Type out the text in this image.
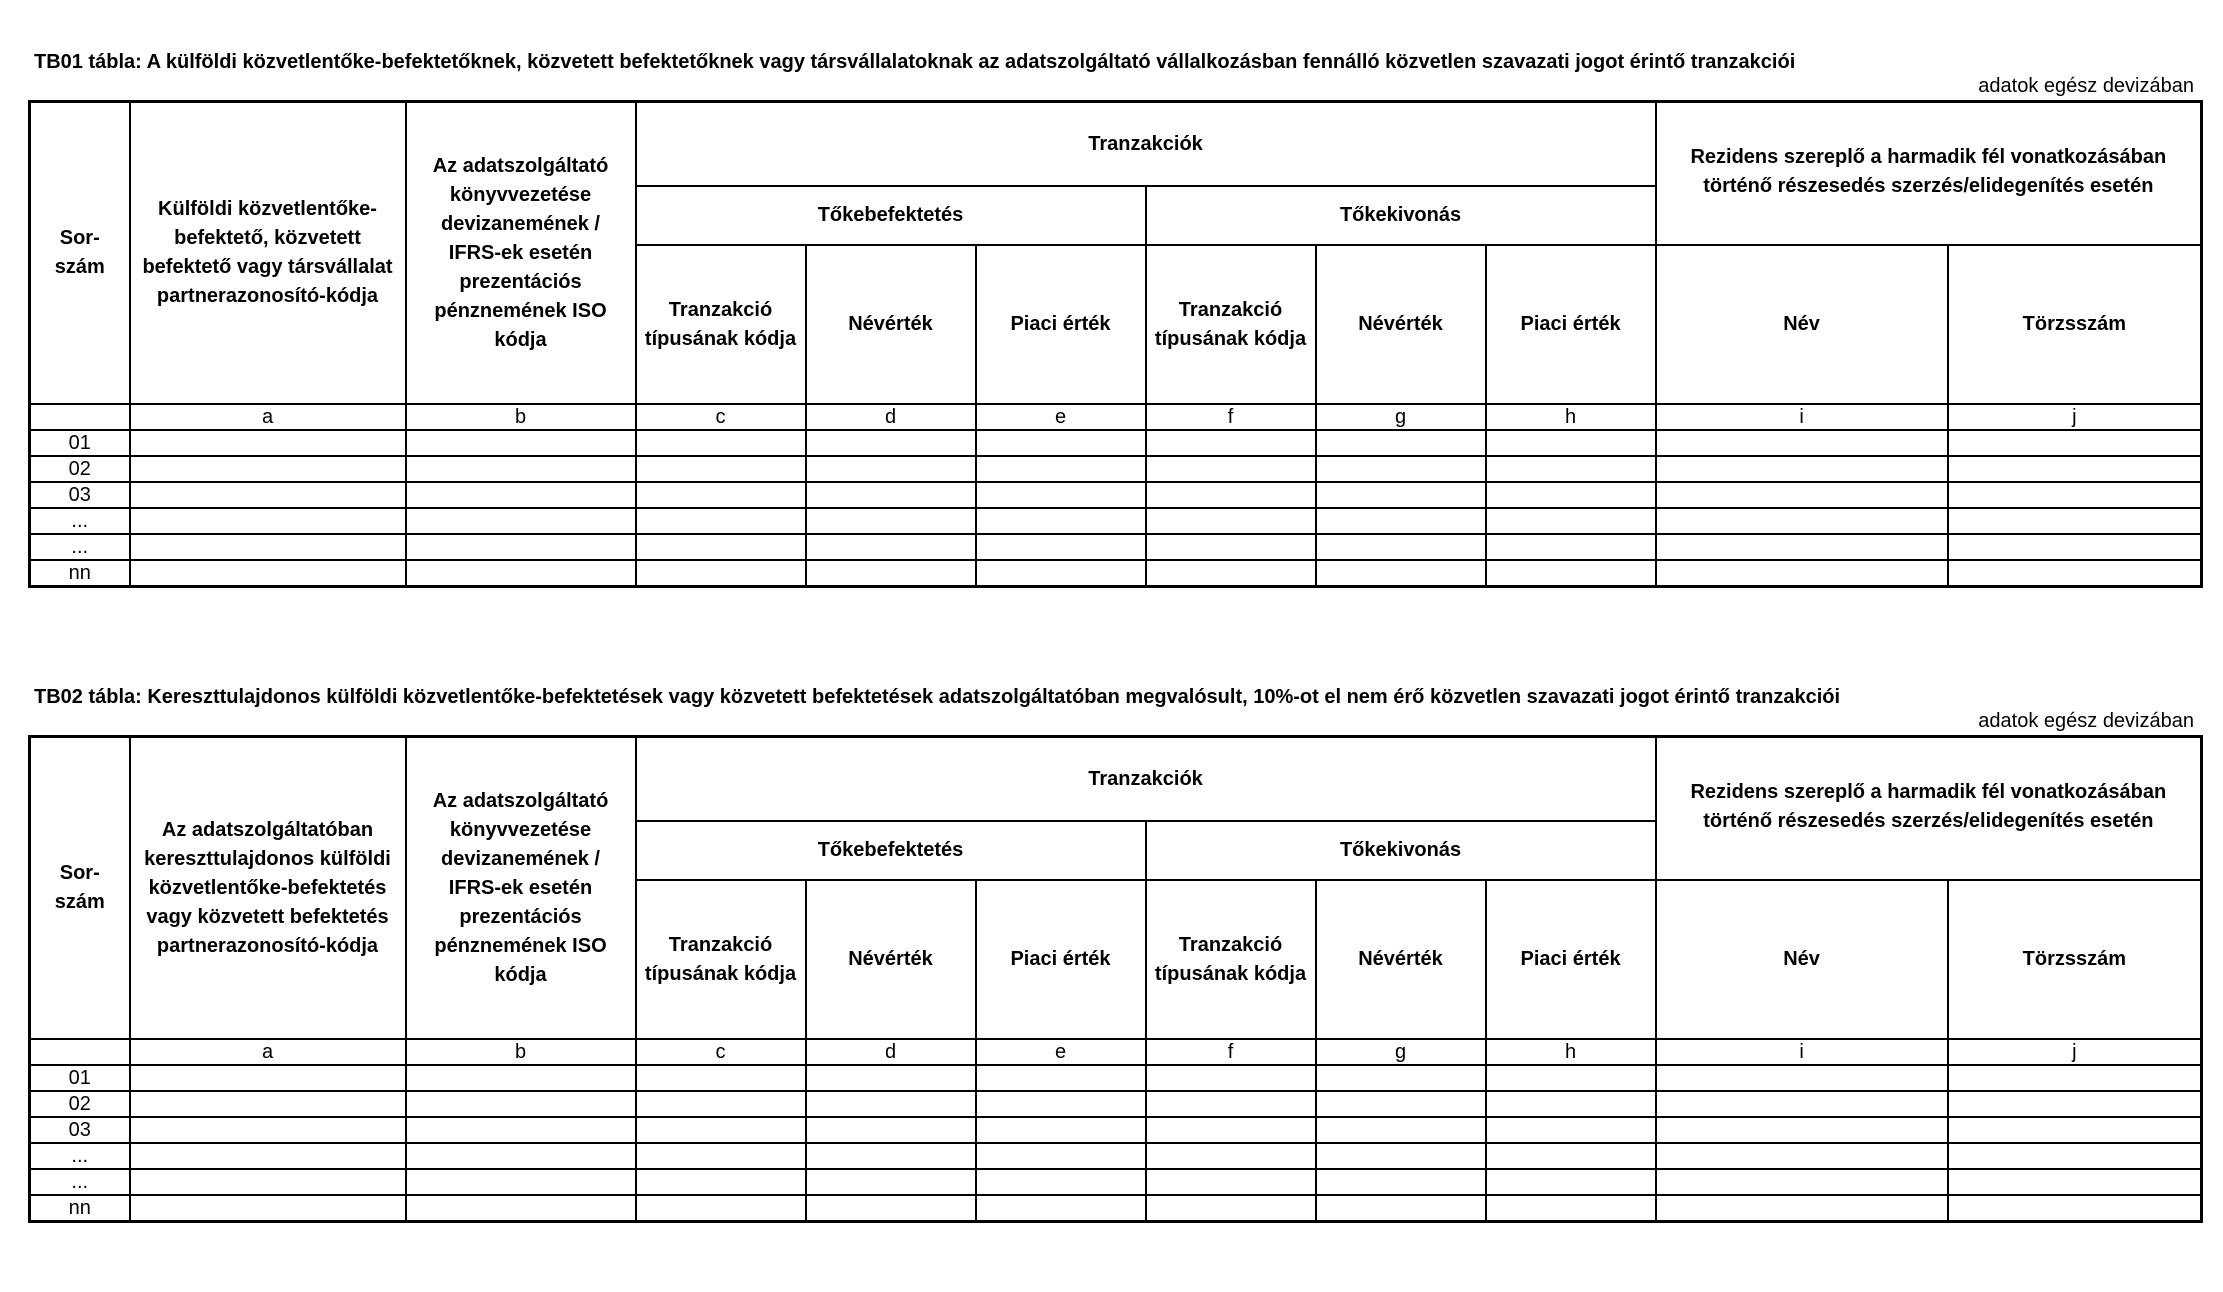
TB01 tábla: A külföldi közvetlentőke-befektetőknek, közvetett befektetőknek vagy társvállalatoknak az adatszolgáltató vállalkozásban fennálló közvetlen szavazati jogot érintő tranzakciói
adatok egész devizában
Sor-
szám	Külföldi közvetlentőke-befektető, közvetett befektető vagy társvállalat partnerazonosító-kódja	Az adatszolgáltató könyvvezetése devizanemének / IFRS-ek esetén prezentációs pénznemének ISO kódja	Tranzakciók						Rezidens szereplő a harmadik fél vonatkozásában történő részesedés szerzés/elidegenítés esetén	

			Tőkebefektetés			Tőkekivonás				

			Tranzakció típusának kódja	Névérték	Piaci érték	Tranzakció típusának kódja	Névérték	Piaci érték	Név	Törzsszám
	a	b	c	d	e	f	g	h	i	j
01										
02										
03										
...										
...										
nn										
TB02 tábla: Kereszttulajdonos külföldi közvetlentőke-befektetések vagy közvetett befektetések adatszolgáltatóban megvalósult, 10%-ot el nem érő közvetlen szavazati jogot érintő tranzakciói
adatok egész devizában
Sor-
szám	Az adatszolgáltatóban kereszttulajdonos külföldi közvetlentőke-befektetés vagy közvetett befektetés partnerazonosító-kódja	Az adatszolgáltató könyvvezetése devizanemének / IFRS-ek esetén prezentációs pénznemének ISO kódja	Tranzakciók						Rezidens szereplő a harmadik fél vonatkozásában történő részesedés szerzés/elidegenítés esetén	

			Tőkebefektetés			Tőkekivonás				

			Tranzakció típusának kódja	Névérték	Piaci érték	Tranzakció típusának kódja	Névérték	Piaci érték	Név	Törzsszám
	a	b	c	d	e	f	g	h	i	j
01										
02										
03										
...										
...										
nn										
